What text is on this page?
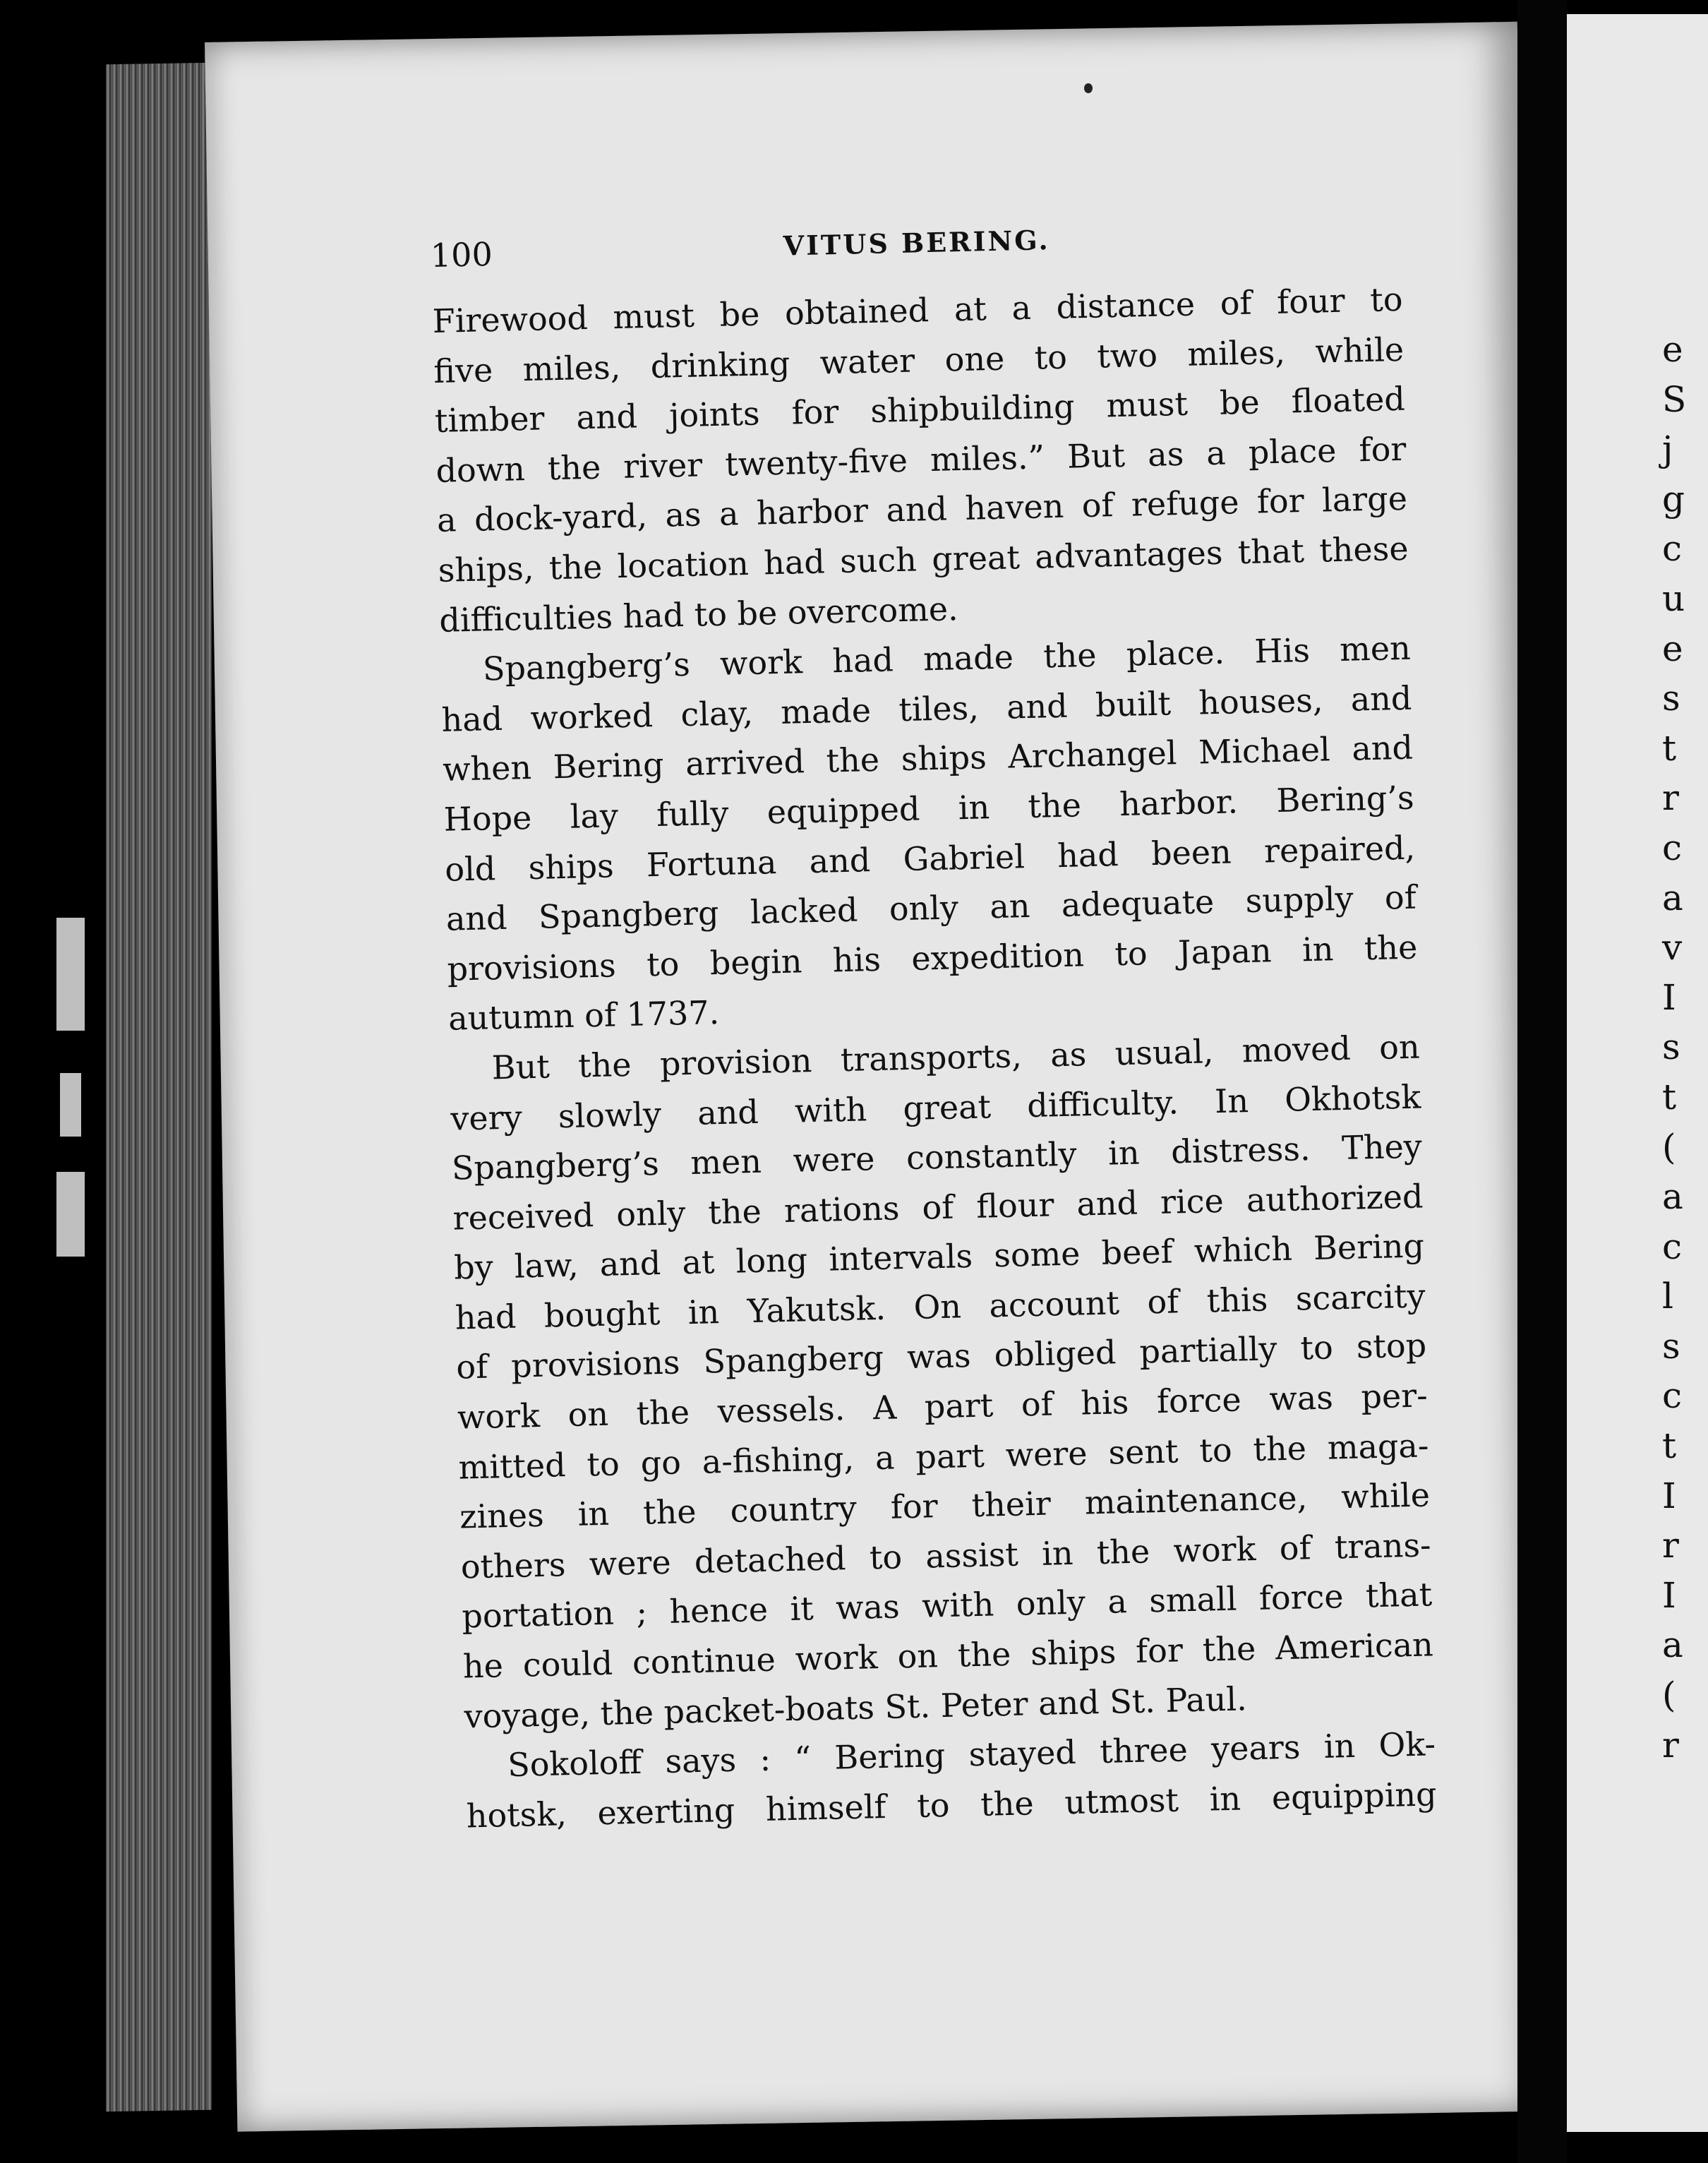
e
S
j
g
c
u
e
s
t
r
c
a
v
I
s
t
(
a
c
l
s
c
t
I
r
I
a
(
r
100	VITUS BERING.
Firewood must be obtained at a distance of four to
five miles, drinking water one to two miles, while
timber and joints for shipbuilding must be floated
down the river twenty-five miles.” But as a place for
a dock-yard, as a harbor and haven of refuge for large
ships, the location had such great advantages that these
difficulties had to be overcome.
Spangberg’s work had made the place. His men
had worked clay, made tiles, and built houses, and
when Bering arrived the ships Archangel Michael and
Hope lay fully equipped in the harbor. Bering’s
old ships Fortuna and Gabriel had been repaired,
and Spangberg lacked only an adequate supply of
provisions to begin his expedition to Japan in the
autumn of 1737.
But the provision transports, as usual, moved on
very slowly and with great difficulty. In Okhotsk
Spangberg’s men were constantly in distress. They
received only the rations of flour and rice authorized
by law, and at long intervals some beef which Bering
had bought in Yakutsk. On account of this scarcity
of provisions Spangberg was obliged partially to stop
work on the vessels. A part of his force was per-
mitted to go a-fishing, a part were sent to the maga-
zines in the country for their maintenance, while
others were detached to assist in the work of trans-
portation ; hence it was with only a small force that
he could continue work on the ships for the American
voyage, the packet-boats St. Peter and St. Paul.
Sokoloff says : “ Bering stayed three years in Ok-
hotsk, exerting himself to the utmost in equipping
